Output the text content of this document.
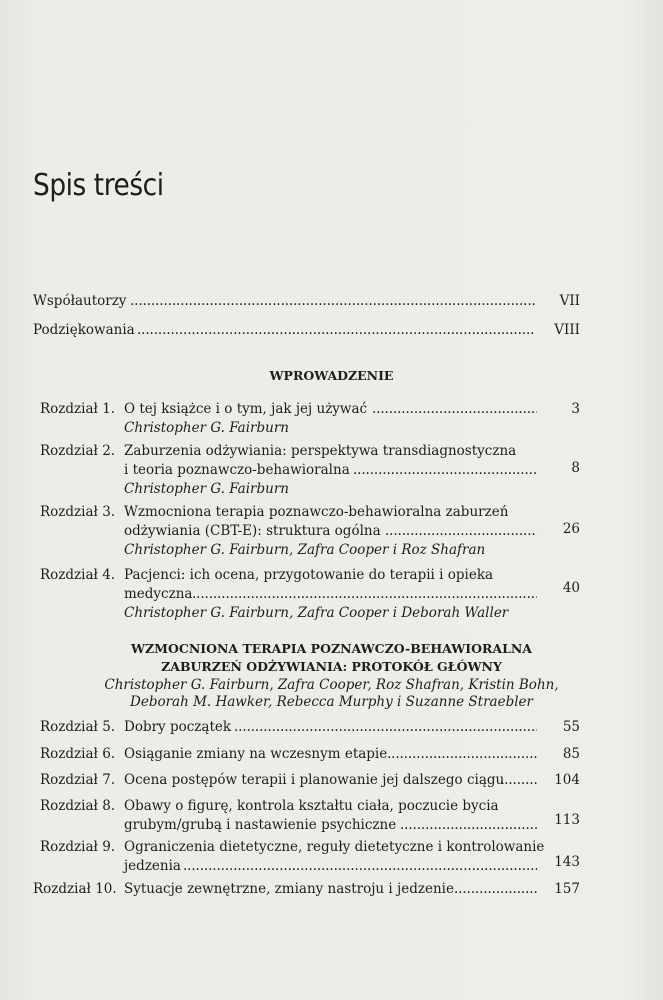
Spis treści
Współautorzy . . .	VII
Podziękowania . . .	VIII
WPROWADZENIE
Rozdział 1. O tej książce i o tym, jak jej używać . . .	3
Christopher G. Fairburn
Rozdział 2. Zaburzenia odżywiania: perspektywa transdiagnostyczna
i teoria poznawczo-behawioralna . . .	8
Christopher G. Fairburn
Rozdział 3. Wzmocniona terapia poznawczo-behawioralna zaburzeń
odżywiania (CBT-E): struktura ogólna . . .	26
Christopher G. Fairburn, Zafra Cooper i Roz Shafran
Rozdział 4. Pacjenci: ich ocena, przygotowanie do terapii i opieka
medyczna . . .	40
Christopher G. Fairburn, Zafra Cooper i Deborah Waller
WZMOCNIONA TERAPIA POZNAWCZO-BEHAWIORALNA
ZABURZEŃ ODŻYWIANIA: PROTOKÓŁ GŁÓWNY
Christopher G. Fairburn, Zafra Cooper, Roz Shafran, Kristin Bohn,
Deborah M. Hawker, Rebecca Murphy i Suzanne Straebler
Rozdział 5. Dobry początek . . .	55
Rozdział 6. Osiąganie zmiany na wczesnym etapie . . .	85
Rozdział 7. Ocena postępów terapii i planowanie jej dalszego ciągu . . .	104
Rozdział 8. Obawy o figurę, kontrola kształtu ciała, poczucie bycia
grubym/grubą i nastawienie psychiczne . . .	113
Rozdział 9. Ograniczenia dietetyczne, reguły dietetyczne i kontrolowanie
jedzenia . . .	143
Rozdział 10. Sytuacje zewnętrzne, zmiany nastroju i jedzenie . . .	157
